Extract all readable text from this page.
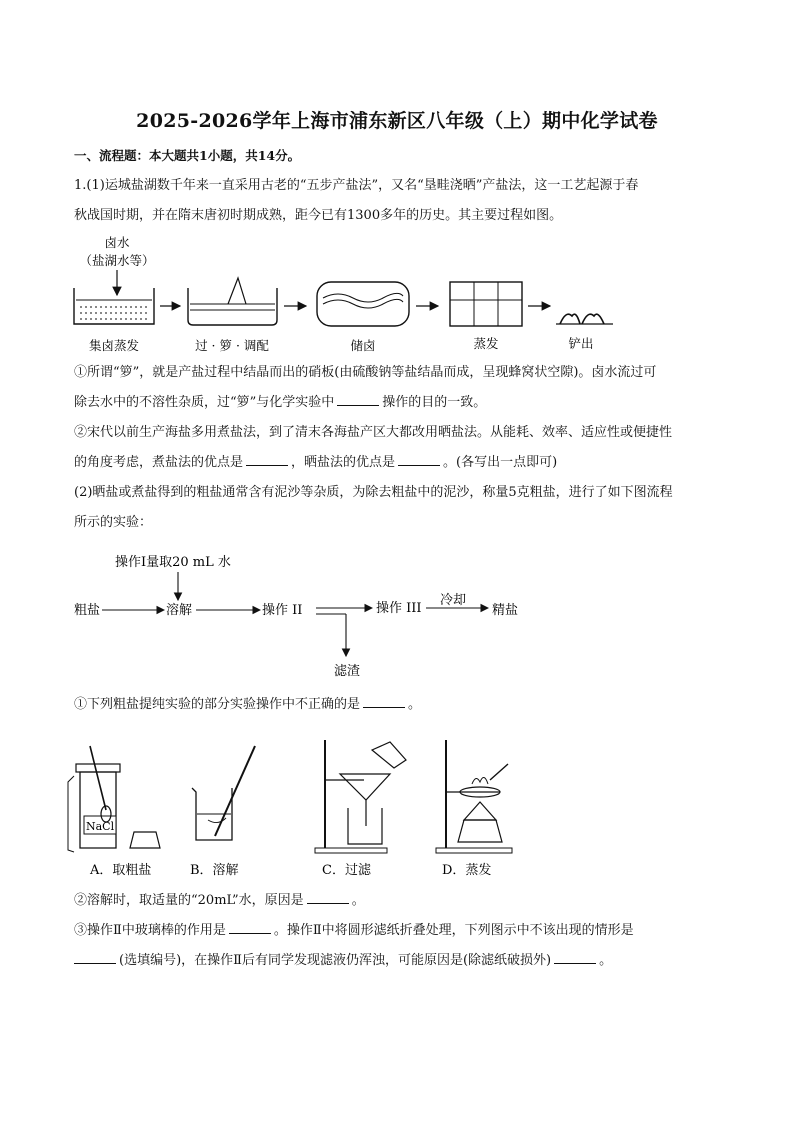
2025-2026学年上海市浦东新区八年级（上）期中化学试卷
一、流程题：本大题共1小题，共14分。
1.(1)运城盐湖数千年来一直采用古老的“五步产盐法”，又名“垦畦浇晒”产盐法，这一工艺起源于春
秋战国时期，并在隋末唐初时期成熟，距今已有1300多年的历史。其主要过程如图。
卤水
（盐湖水等）
集卤蒸发	过 · 箩 · 调配	储卤	蒸发	铲出
①所谓“箩”，就是产盐过程中结晶而出的硝板(由硫酸钠等盐结晶而成，呈现蜂窝状空隙)。卤水流过可
除去水中的不溶性杂质，过“箩”与化学实验中	操作的目的一致。
②宋代以前生产海盐多用煮盐法，到了清末各海盐产区大都改用晒盐法。从能耗、效率、适应性或便捷性
的角度考虑，煮盐法的优点是	，晒盐法的优点是	。(各写出一点即可)
(2)晒盐或煮盐得到的粗盐通常含有泥沙等杂质，为除去粗盐中的泥沙，称量5克粗盐，进行了如下图流程
所示的实验：
操作Ⅰ量取20 mL 水
粗盐	溶解	操作 II	操作 III
冷却
精盐
滤渣
①下列粗盐提纯实验的部分实验操作中不正确的是	。
NaCl
A．取粗盐	B．溶解	C．过滤	D．蒸发
②溶解时，取适量的“20mL”水，原因是	。
③操作Ⅱ中玻璃棒的作用是	。操作Ⅱ中将圆形滤纸折叠处理，下列图示中不该出现的情形是
(选填编号)，在操作Ⅱ后有同学发现滤液仍浑浊，可能原因是(除滤纸破损外)	。
